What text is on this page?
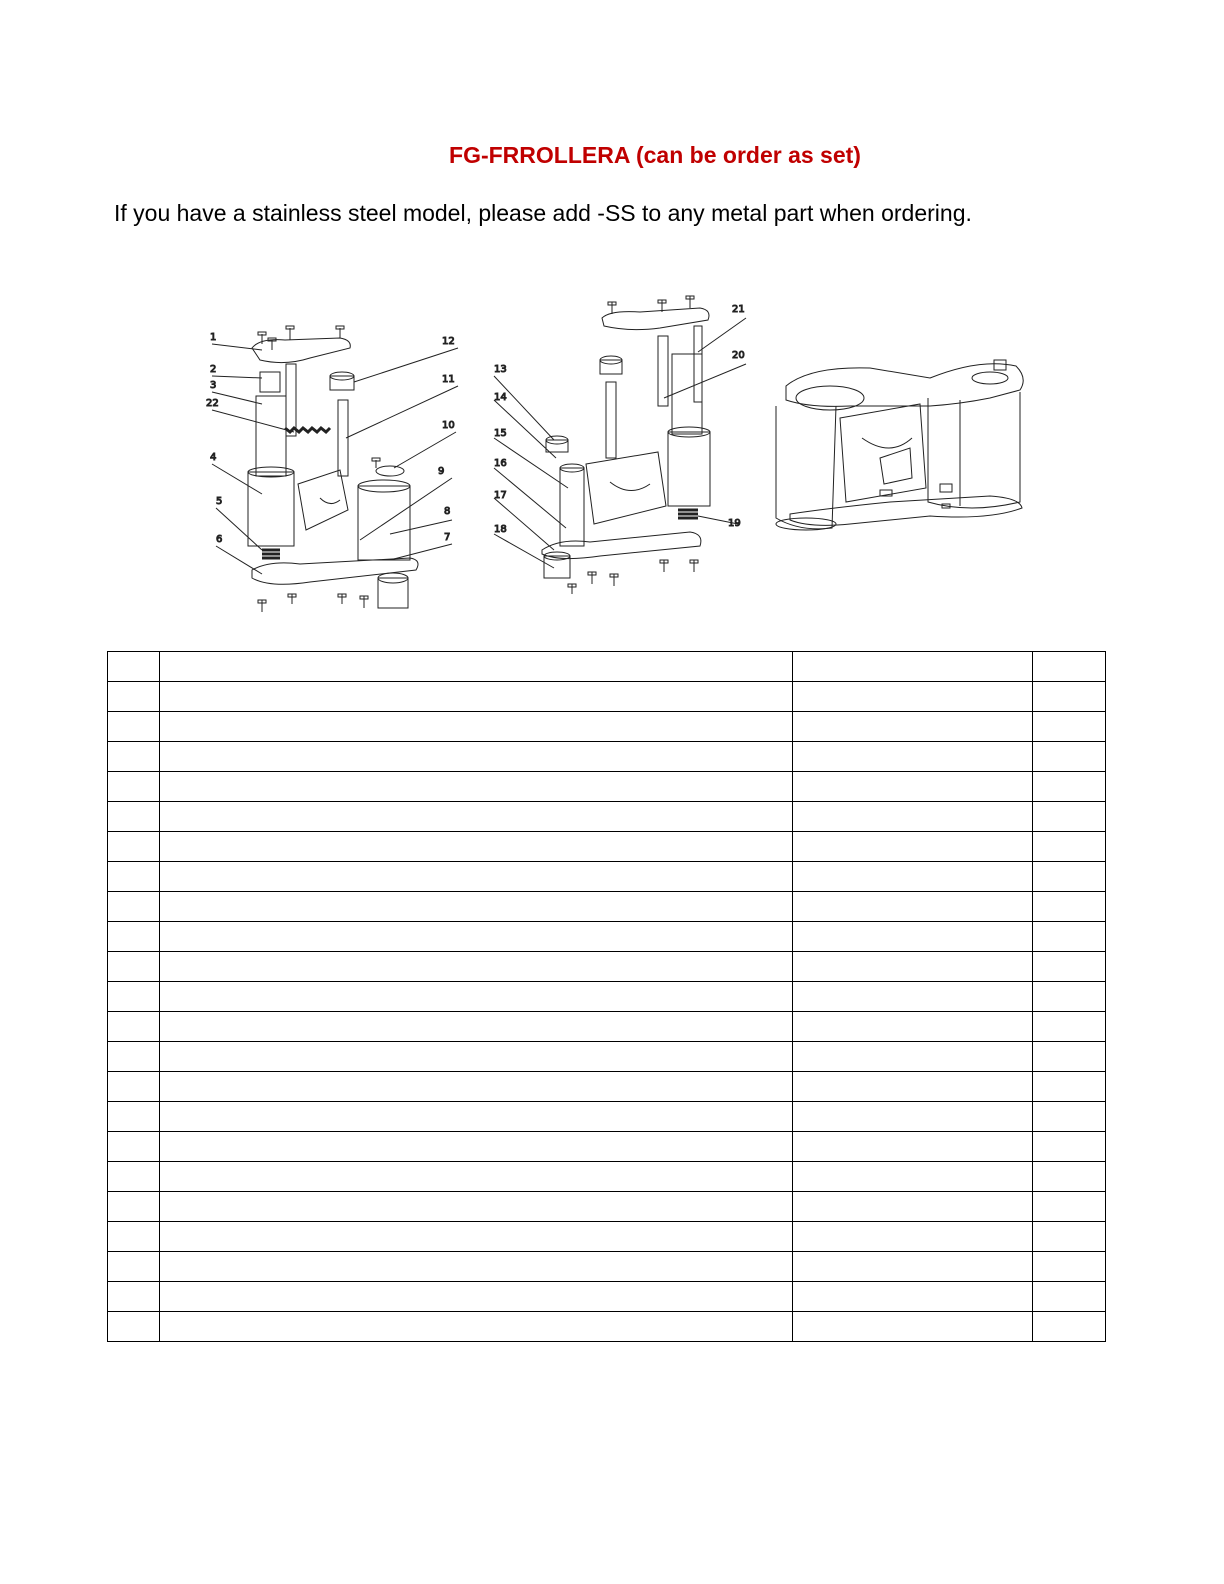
FG-FRROLLERA (can be order as set)
If you have a stainless steel model, please add -SS to any metal part when ordering.
1
2
3
22
4
5
6
12
11
10
9
8
7
13
14
15
16
17
18
21
20
19
